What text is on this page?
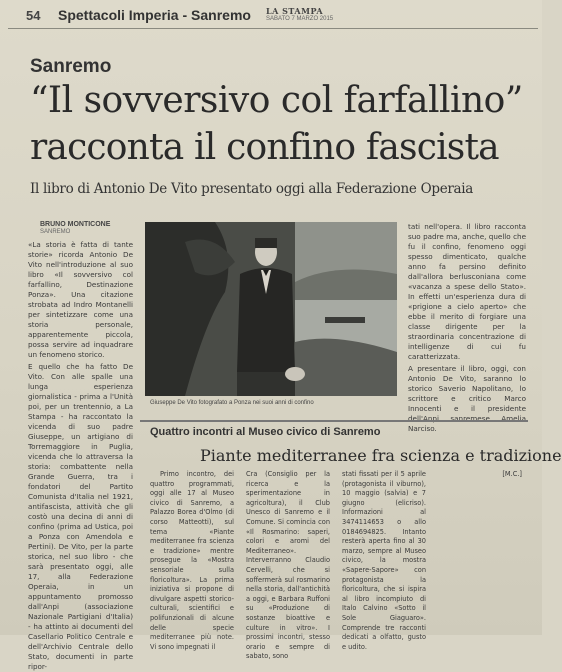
54 Spettacoli Imperia - Sanremo LA STAMPA
SABATO 7 MARZO 2015
Sanremo
“Il sovversivo col farfallino”
racconta il confino fascista
Il libro di Antonio De Vito presentato oggi alla Federazione Operaia
BRUNO MONTICONE
SANREMO

«La storia è fatta di tante storie» ricorda Antonio De Vito nell'introduzione al suo libro «Il sovversivo col farfallino, Destinazione Ponza». Una citazione strobata ad Indro Montanelli per sintetizzare come una storia personale, apparentemente piccola, possa servire ad inquadrare un fenomeno storico.

E quello che ha fatto De Vito. Con alle spalle una lunga esperienza giornalistica - prima a l'Unità poi, per un trentennio, a La Stampa - ha raccontato la vicenda di suo padre Giuseppe, un artigiano di Torremaggiore in Puglia, vicenda che lo attraversa la storia: combattente nella Grande Guerra, tra i fondatori del Partito Comunista d'Italia nel 1921, antifascista, attività che gli costò una decina di anni di confino (prima ad Ustica, poi a Ponza con Amendola e Pertini). De Vito, per la parte storica, nel suo libro - che sarà presentato oggi, alle 17, alla Federazione Operaia, in un appuntamento promosso dall'Anpi (associazione Nazionale Partigiani d'Italia) - ha attinto ai documenti del Casellario Politico Centrale e dell'Archivio Centrale dello Stato, documenti in parte ripor-

Giuseppe De Vito fotografato a Ponza nei suoi anni di confino

tati nell'opera. Il libro racconta suo padre ma, anche, quello che fu il confino, fenomeno oggi spesso dimenticato, qualche anno fa persino definito dall'allora berlusconiana come «vacanza a spese dello Stato». In effetti un'esperienza dura di «prigione a cielo aperto» che ebbe il merito di forgiare una classe dirigente per la straordinaria concentrazione di intelligenze di cui fu caratterizzata.

A presentare il libro, oggi, con Antonio De Vito, saranno lo storico Saverio Napolitano, lo scrittore e critico Marco Innocenti e il presidente dell'Anpi sanremese Amelia Narciso.

Quattro incontri al Museo civico di Sanremo
Piante mediterranee fra scienza e tradizione

Primo incontro, dei quattro programmati, oggi alle 17 al Museo civico di Sanremo, a Palazzo Borea d'Olmo (di corso Matteotti), sul tema «Piante mediterranee fra scienza e tradizione» mentre prosegue la «Mostra sensoriale sulla floricoltura». La prima iniziativa si propone di divulgare aspetti storico-culturali, scientifici e polifunzionali di alcune delle specie mediterranee più note. Vi sono impegnati il

Cra (Consiglio per la ricerca e la sperimentazione in agricoltura), il Club Unesco di Sanremo e il Comune. Si comincia con «Il Rosmarino: saperi, colori e aromi del Mediterraneo». Interverranno Claudio Cervelli, che si soffermerà sul rosmarino nella storia, dall'antichità a oggi, e Barbara Ruffoni su «Produzione di sostanze bioattive e culture in vitro». I prossimi incontri, stesso orario e sempre di sabato, sono

stati fissati per il 5 aprile (protagonista il viburno), 10 maggio (salvia) e 7 giugno (elicriso). Informazioni al 3474114653 o allo 0184694825. Intanto resterà aperta fino al 30 marzo, sempre al Museo civico, la mostra «Sapere-Sapore» con protagonista la floricoltura, che si ispira al libro incompiuto di Italo Calvino «Sotto il Sole Giaguaro». Comprende tre racconti dedicati a olfatto, gusto e udito.

[M.C.]
